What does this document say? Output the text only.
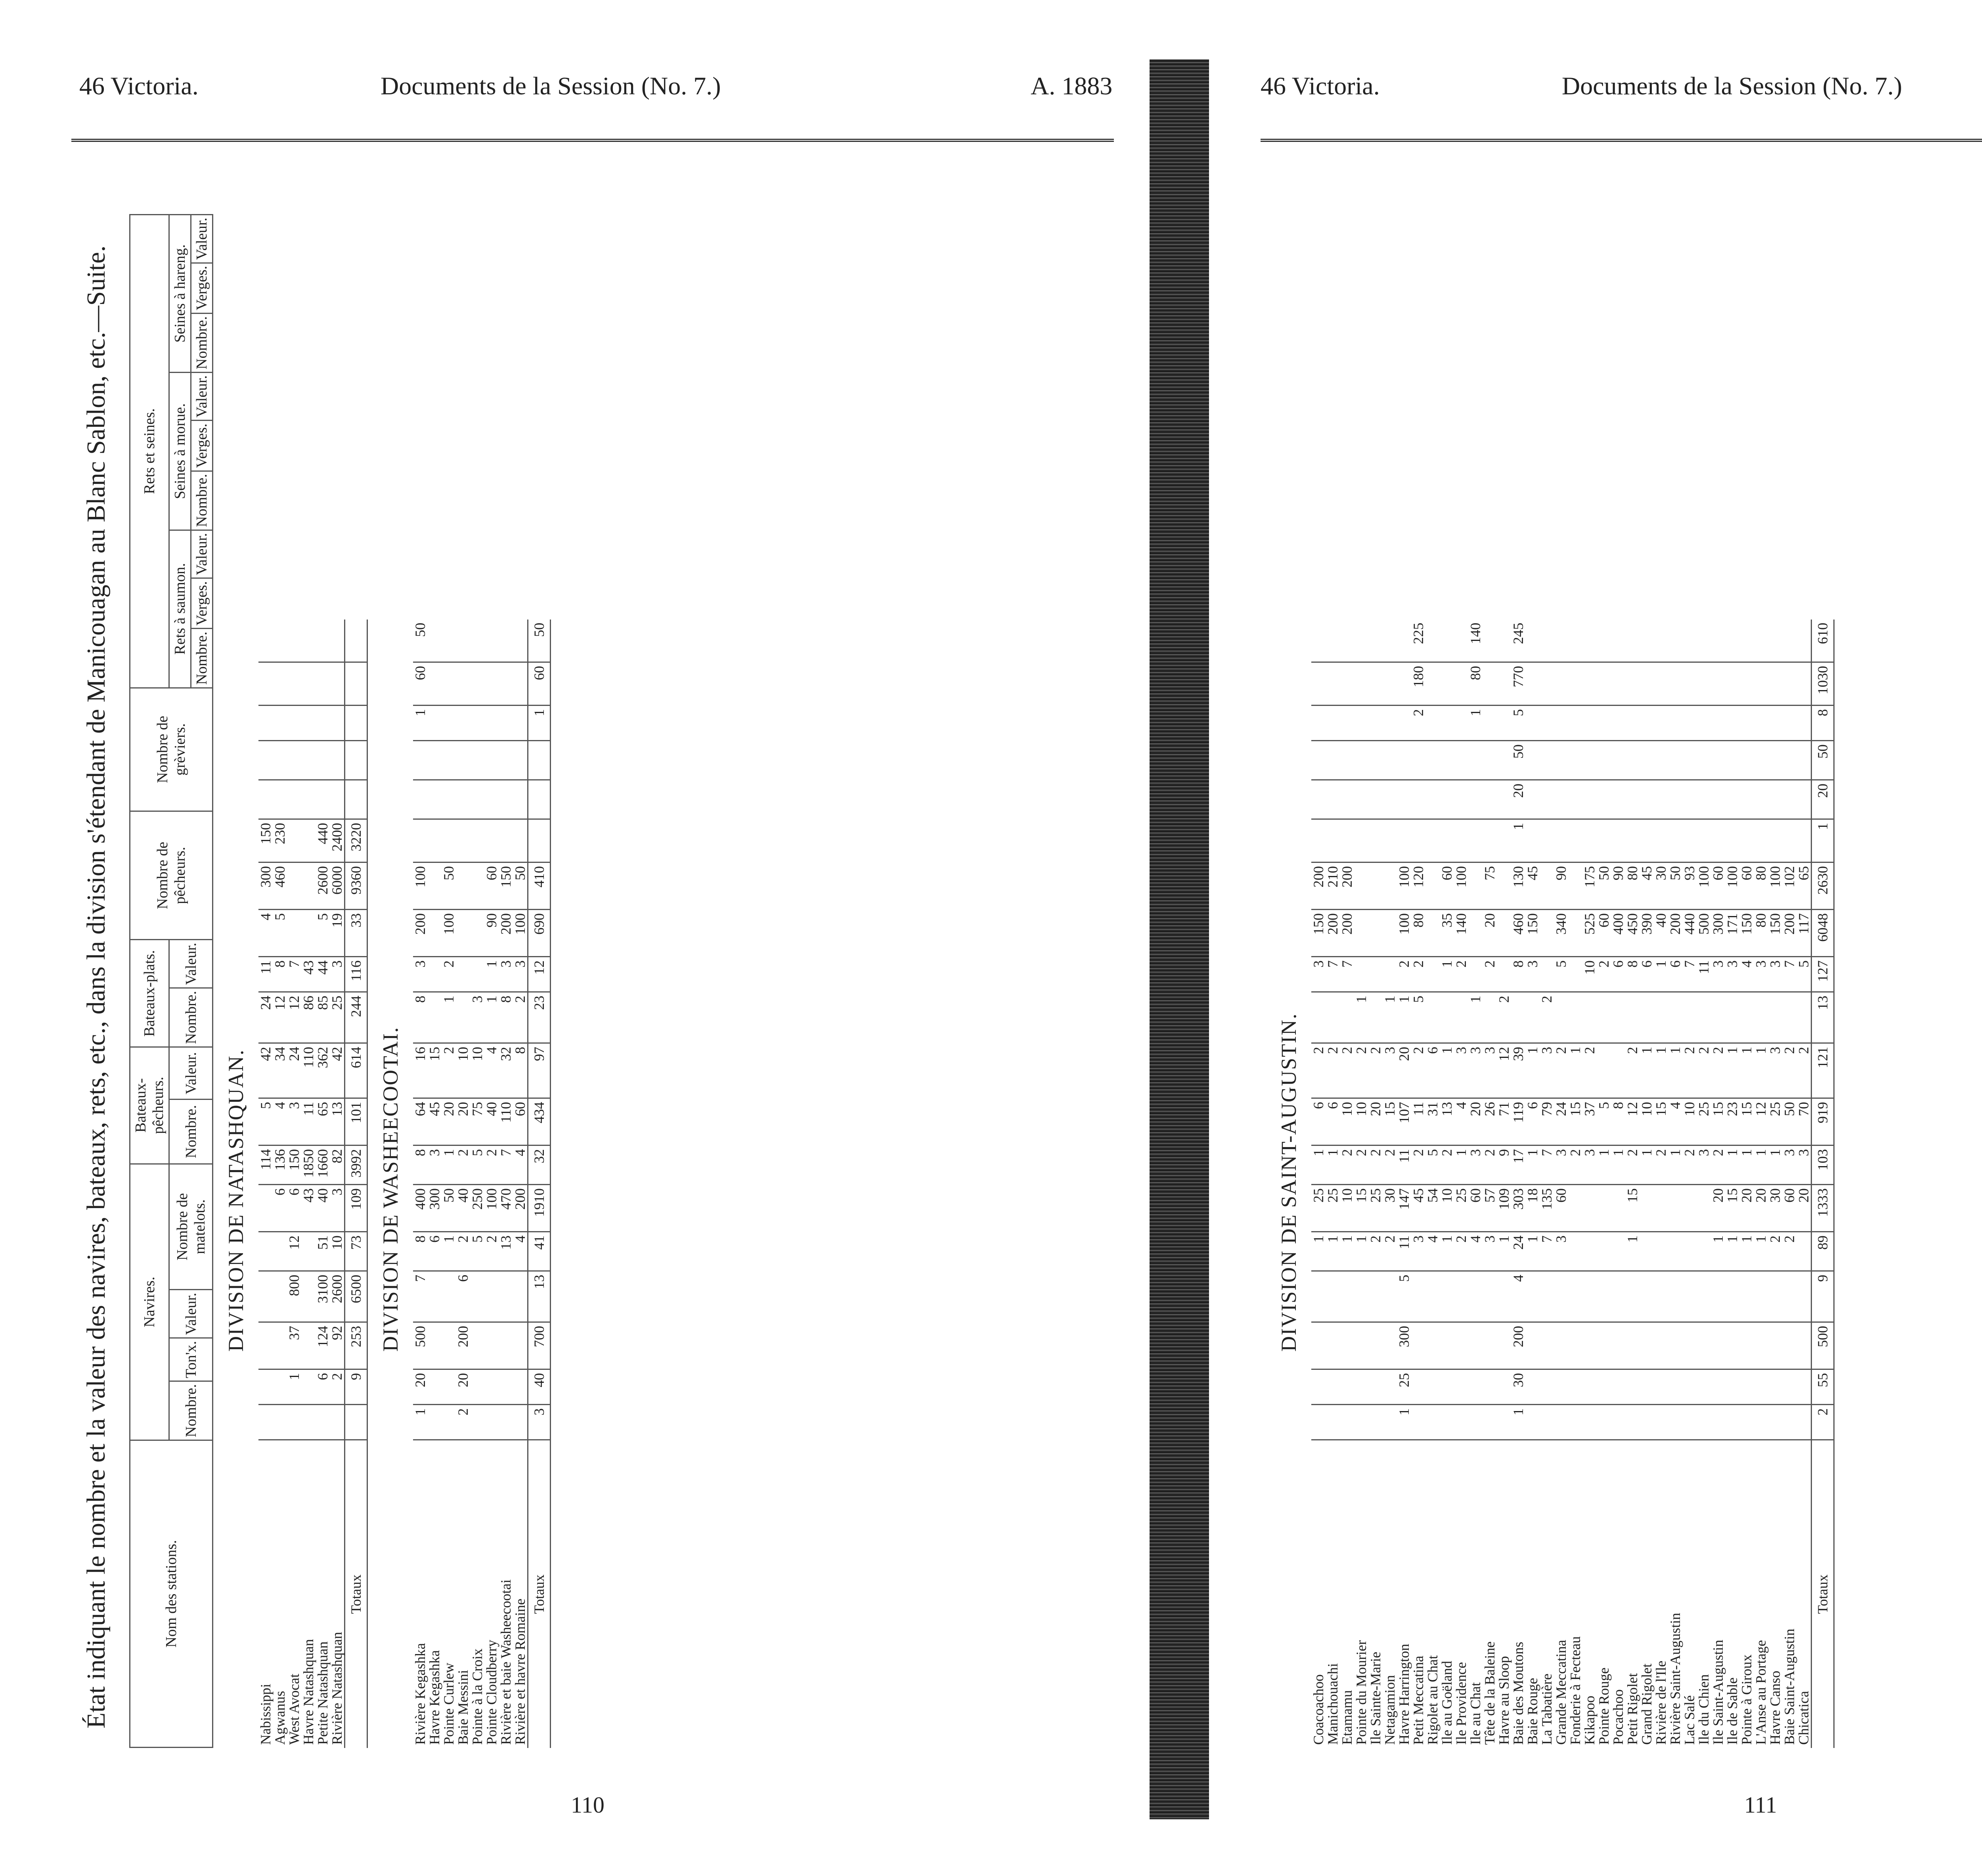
46 Victoria.	Documents de la Session (No. 7.)	A. 1883
110
État indiquant le nombre et la valeur des navires, bateaux, rets, etc., dans la division s'étendant de Manicouagan au Blanc Sablon, etc.—Suite.	Nom des stations.	Navires.				Bateaux-pêcheurs.		Bateaux-plats.		Nombre de pêcheurs.	Nombre de grèviers.	Rets et seines.								
	Nombre.	Ton'x.	Valeur.	Nombre de matelots.	Nombre.	Valeur.	Nombre.	Valeur.			Rets à saumon.			Seines à morue.			Seines à hareng.		
											Nombre.	Verges.	Valeur.	Nombre.	Verges.	Valeur.	Nombre.	Verges.	Valeur.
DIVISION DE NATASHQUAN.
Nabissippi							114	5	42	24	11	4	300	150					
Agwanus						6	136	4	34	12	8	5	460	230					
West Avocat		1	37	800	12	6	150	3	24	12	7								
Havre Natashquan						43	1850	11	110	86	43								
Petite Natashquan		6	124	3100	51	40	1660	65	362	85	44	5	2600	440					
Rivière Natashquan		2	92	2600	10	3	82	13	42	25	3	19	6000	2400					
Totaux		9	253	6500	73	109	3992	101	614	244	116	33	9360	3220					
DIVISION DE WASHEECOOTAI.
Rivière Kegashka	1	20	500	7	8	400	8	64	16	8	3	200	100				1	60	50
Havre Kegashka					6	300	3	45	15										
Pointe Curlew					1	50	1	20	2	1	2	100	50						
Baie Messini	2	20	200	6	2	40	2	20	10										
Pointe à la Croix					5	250	5	75	10	3									
Pointe Cloudberry					2	100	2	40	4	1	1	90	60						
Rivière et baie Washeecootai					13	470	7	110	32	8	3	200	150						
Rivière et havre Romaine					4	200	4	60	8	2	3	100	50						
Totaux	3	40	700	13	41	1910	32	434	97	23	12	690	410				1	60	50
46 Victoria.	Documents de la Session (No. 7.)
111
DIVISION DE SAINT-AUGUSTIN.
Coacoachoo					1	25	1	6	2		3	150	200						
Manichouachi					1	25	1	6	2		7	200	210						
Etamamu					1	10	2	10	2		7	200	200						
Pointe du Mourier					1	15	2	10	2	1									
Ile Sainte-Marie					2	25	2	20	2										
Netagamion					2	30	2	15	3	1									
Havre Harrington	1	25	300	5	11	147	11	107	20	1	2	100	100						
Petit Meccatina					3	45	2	11	2	5	2	80	120				2	180	225
Rigolet au Chat					4	54	5	31	6										
Ile au Goëland					1	10	2	13	1		1	35	60						
Ile Providence					2	25	1	4	3		2	140	100						
Ile au Chat					4	60	3	20	3	1							1	80	140
Tête de la Baleine					3	57	2	26	3		2	20	75						
Havre au Sloop					1	109	9	71	12	2									
Baie des Moutons	1	30	200	4	24	303	17	119	39		8	460	130	1	20	50	5	770	245
Baie Rouge					1	18	1	6	1		3	150	45						
La Tabatière					7	135	7	79	3	2									
Grande Meccatina					3	60	3	24	2		5	340	90						
Fonderie à Fecteau							2	15	1										
Kikapoo							3	37	2		10	525	175						
Pointe Rouge							1	5			2	60	50						
Pocachoo							1	8			6	400	90						
Petit Rigolet					1	15	2	12	2		8	450	80						
Grand Rigolet							1	10	1		6	390	45						
Rivière de l'Ile							2	15	1		1	40	30						
Rivière Saint-Augustin							1	4	1		6	200	50						
Lac Salé							2	10	2		7	440	93						
Ile du Chien							3	25	2		11	500	100						
Ile Saint-Augustin					1	20	2	15	2		3	300	60						
Ile de Sable					1	15	1	23	1		3	171	100						
Pointe à Giroux					1	20	1	15	1		4	150	60						
L'Anse au Portage					1	20	1	12	1		3	80	80						
Havre Canso					2	30	1	25	3		3	150	100						
Baie Saint-Augustin					2	60	3	50	2		7	200	102						
Chicatica						20	3	70	2		5	117	65						
Totaux	2	55	500	9	89	1333	103	919	121	13	127	6048	2630	1	20	50	8	1030	610
